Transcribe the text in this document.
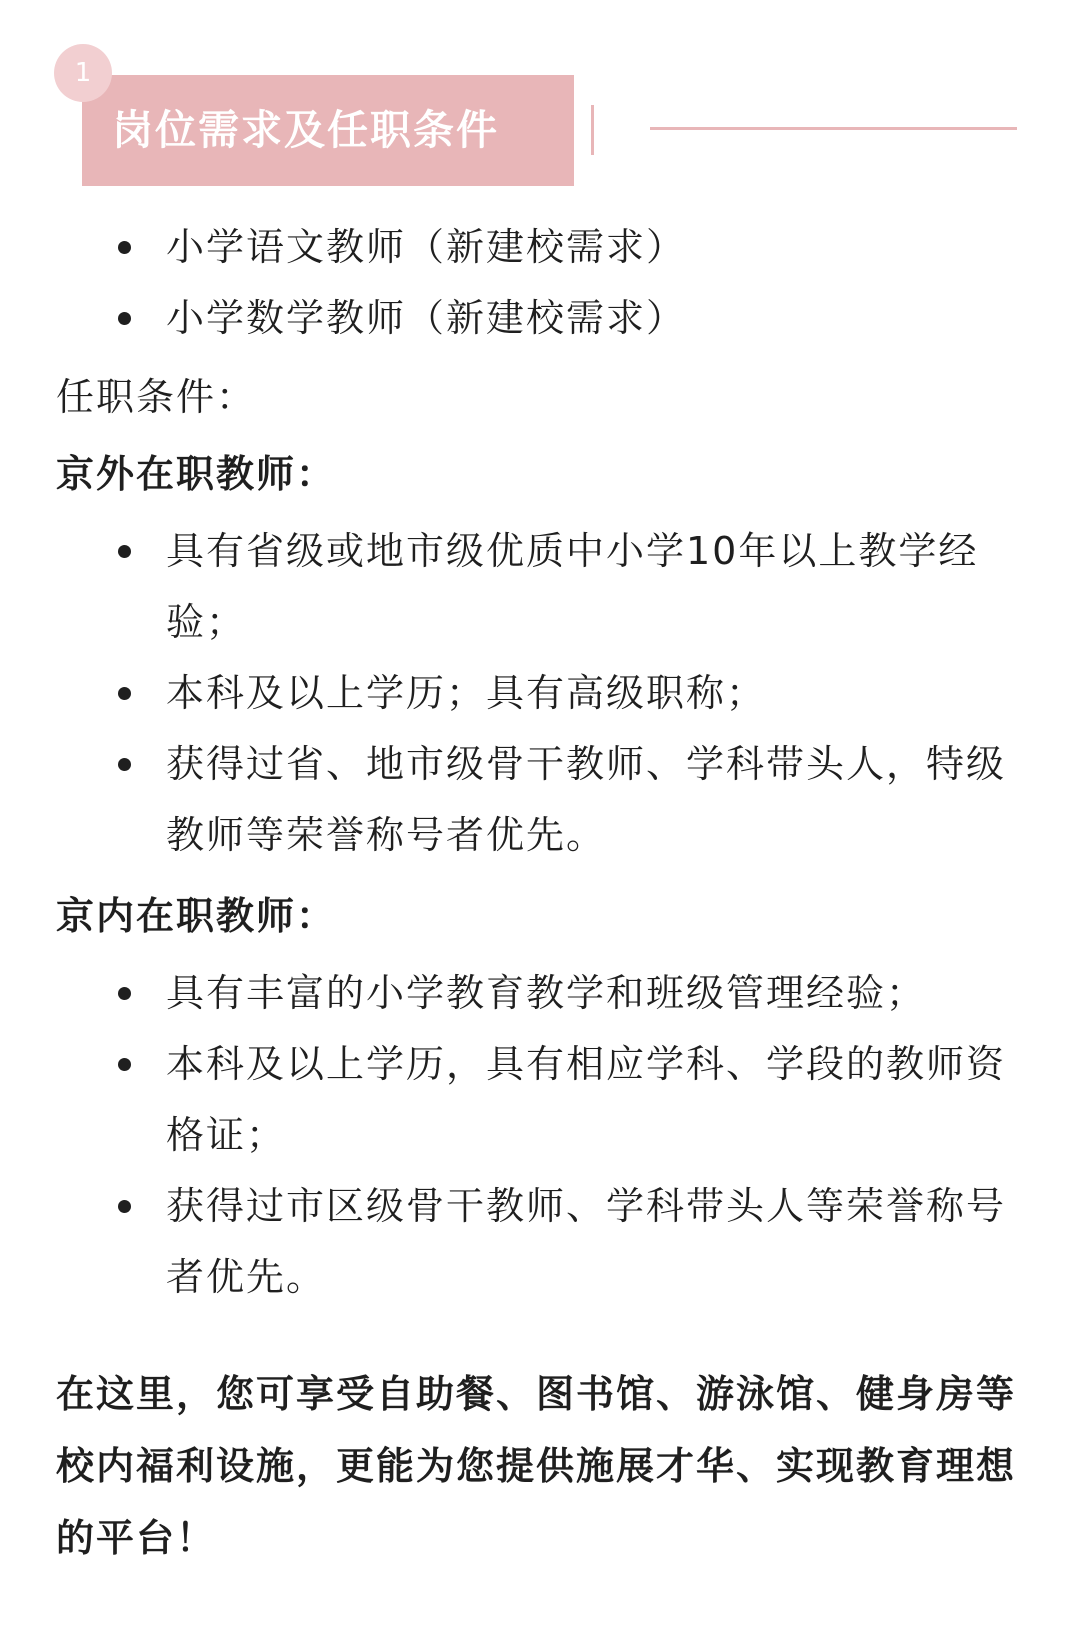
1
岗位需求及任职条件
小学语文教师（新建校需求）
小学数学教师（新建校需求）

任职条件：

京外在职教师：

具有省级或地市级优质中小学10年以上教学经验；
本科及以上学历；具有高级职称；
获得过省、地市级骨干教师、学科带头人，特级教师等荣誉称号者优先。

京内在职教师：

具有丰富的小学教育教学和班级管理经验；
本科及以上学历，具有相应学科、学段的教师资格证；
获得过市区级骨干教师、学科带头人等荣誉称号者优先。

在这里，您可享受自助餐、图书馆、游泳馆、健身房等校内福利设施，更能为您提供施展才华、实现教育理想的平台！
